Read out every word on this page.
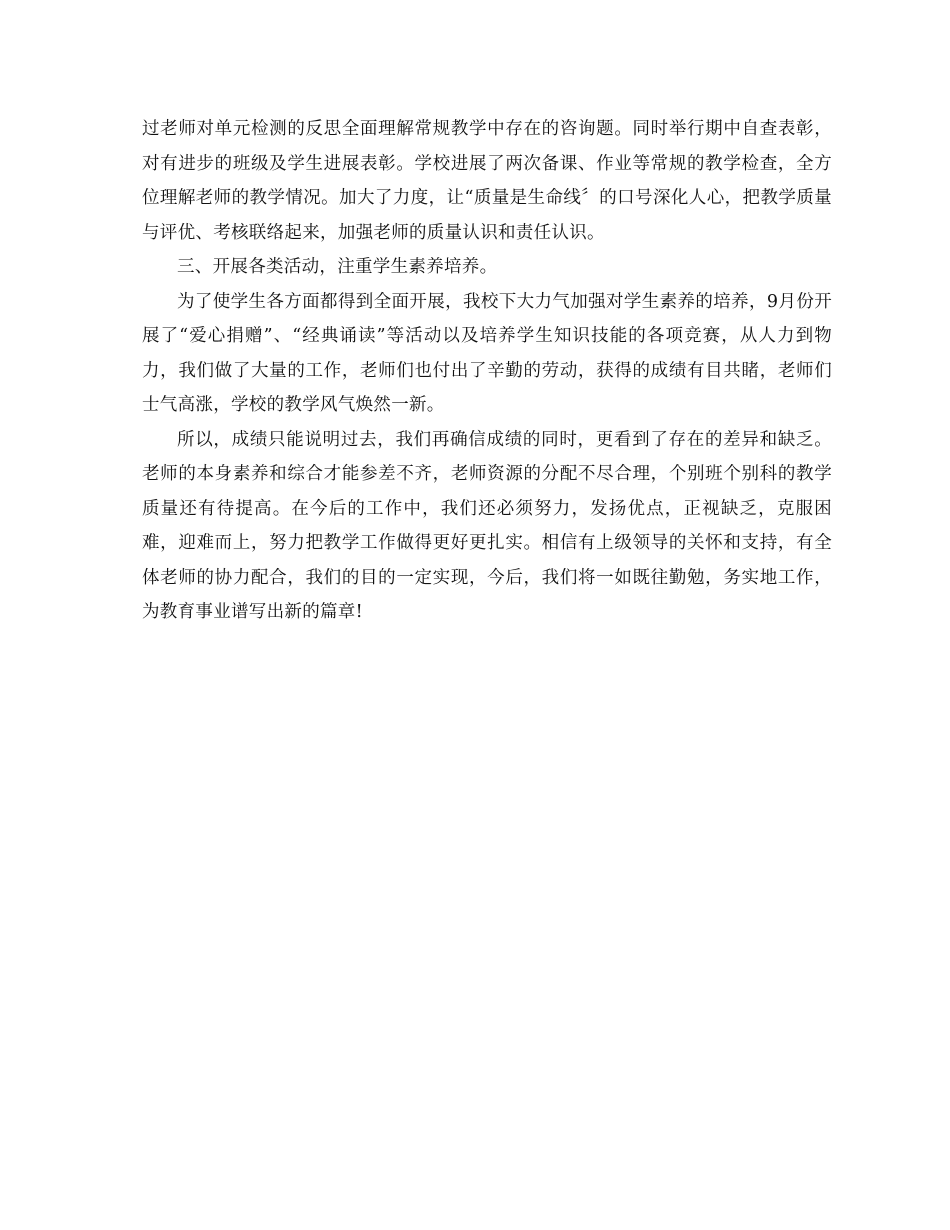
过老师对单元检测的反思全面理解常规教学中存在的咨询题。同时举行期中自查表彰，对有进步的班级及学生进展表彰。学校进展了两次备课、作业等常规的教学检查，全方位理解老师的教学情况。加大了力度，让“质量是生命线〞的口号深化人心，把教学质量与评优、考核联络起来，加强老师的质量认识和责任认识。

三、开展各类活动，注重学生素养培养。

为了使学生各方面都得到全面开展，我校下大力气加强对学生素养的培养，9月份开展了“爱心捐赠”、“经典诵读”等活动以及培养学生知识技能的各项竞赛，从人力到物力，我们做了大量的工作，老师们也付出了辛勤的劳动，获得的成绩有目共睹，老师们士气高涨，学校的教学风气焕然一新。

所以，成绩只能说明过去，我们再确信成绩的同时，更看到了存在的差异和缺乏。老师的本身素养和综合才能参差不齐，老师资源的分配不尽合理，个别班个别科的教学质量还有待提高。在今后的工作中，我们还必须努力，发扬优点，正视缺乏，克服困难，迎难而上，努力把教学工作做得更好更扎实。相信有上级领导的关怀和支持，有全体老师的协力配合，我们的目的一定实现，今后，我们将一如既往勤勉，务实地工作，为教育事业谱写出新的篇章!
